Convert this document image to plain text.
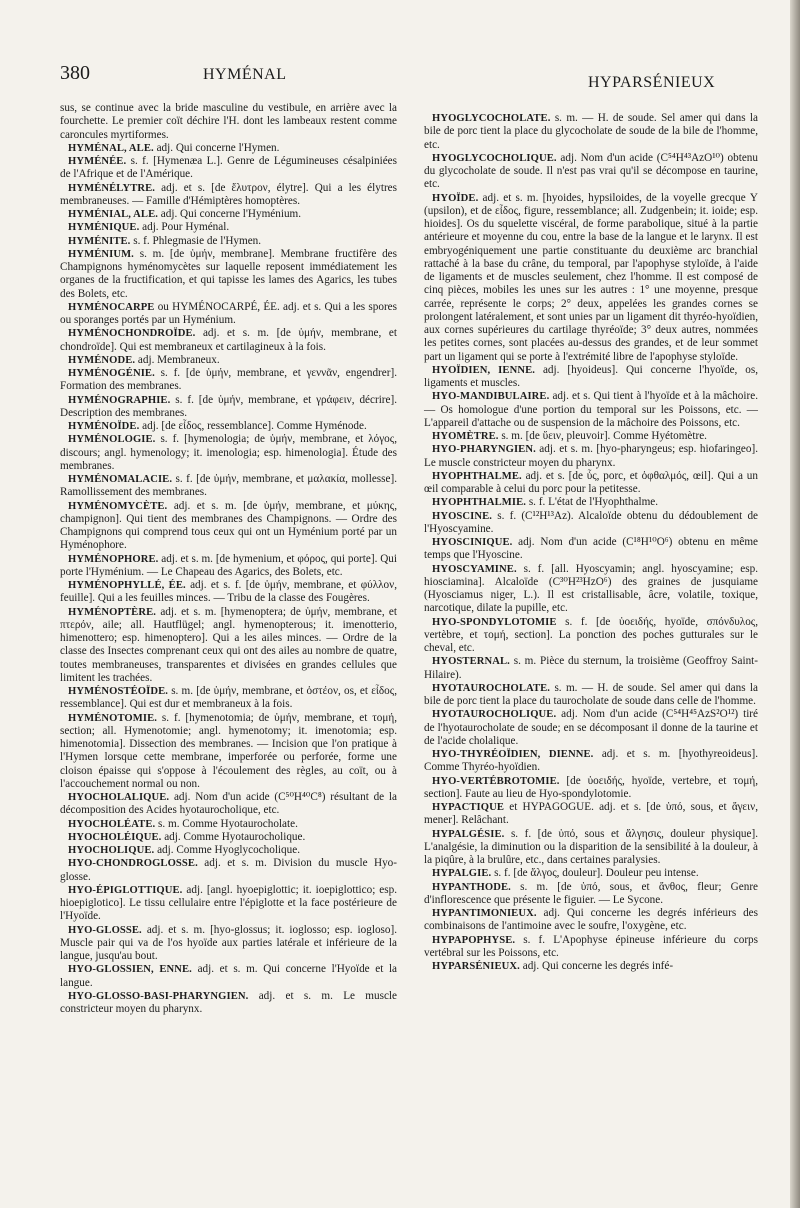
380	HYMÉNAL	HYPARSÉNIEUX

sus, se continue avec la bride masculine du vestibule, en arrière avec la fourchette. Le premier coït déchire l'H. dont les lambeaux restent comme caroncules myrtiformes.

HYMÉNAL, ALE. adj. Qui concerne l'Hymen.

HYMÉNÉE. s. f. [Hymenæa L.]. Genre de Légumineuses césalpiniées de l'Afrique et de l'Amérique.

HYMÉNÉLYTRE. adj. et s. [de ἔλυτρον, élytre]. Qui a les élytres membraneuses. — Famille d'Hémiptères homoptères.

HYMÉNIAL, ALE. adj. Qui concerne l'Hyménium.

HYMÉNIQUE. adj. Pour Hyménal.

HYMÉNITE. s. f. Phlegmasie de l'Hymen.

HYMÉNIUM. s. m. [de ὑμήν, membrane]. Membrane fructifère des Champignons hyménomycètes sur laquelle reposent immédiatement les organes de la fructification, et qui tapisse les lames des Agarics, les tubes des Bolets, etc.

HYMÉNOCARPE ou HYMÉNOCARPÉ, ÉE. adj. et s. Qui a les spores ou sporanges portés par un Hyménium.

HYMÉNOCHONDROÏDE. adj. et s. m. [de ὑμήν, membrane, et chondroïde]. Qui est membraneux et cartilagineux à la fois.

HYMÉNODE. adj. Membraneux.

HYMÉNOGÉNIE. s. f. [de ὑμήν, membrane, et γεννᾶν, engendrer]. Formation des membranes.

HYMÉNOGRAPHIE. s. f. [de ὑμήν, membrane, et γράφειν, décrire]. Description des membranes.

HYMÉNOÏDE. adj. [de εἶδος, ressemblance]. Comme Hyménode.

HYMÉNOLOGIE. s. f. [hymenologia; de ὑμήν, membrane, et λόγος, discours; angl. hymenology; it. imenologia; esp. himenologia]. Étude des membranes.

HYMÉNOMALACIE. s. f. [de ὑμήν, membrane, et μαλακία, mollesse]. Ramollissement des membranes.

HYMÉNOMYCÈTE. adj. et s. m. [de ὑμήν, membrane, et μύκης, champignon]. Qui tient des membranes des Champignons. — Ordre des Champignons qui comprend tous ceux qui ont un Hyménium porté par un Hyménophore.

HYMÉNOPHORE. adj. et s. m. [de hymenium, et φόρος, qui porte]. Qui porte l'Hyménium. — Le Chapeau des Agarics, des Bolets, etc.

HYMÉNOPHYLLÉ, ÉE. adj. et s. f. [de ὑμήν, membrane, et φύλλον, feuille]. Qui a les feuilles minces. — Tribu de la classe des Fougères.

HYMÉNOPTÈRE. adj. et s. m. [hymenoptera; de ὑμήν, membrane, et πτερόν, aile; all. Hautflügel; angl. hymenopterous; it. imenotterio, himenottero; esp. himenoptero]. Qui a les ailes minces. — Ordre de la classe des Insectes comprenant ceux qui ont des ailes au nombre de quatre, toutes membraneuses, transparentes et divisées en grandes cellules que limitent les trachées.

HYMÉNOSTÉOÏDE. s. m. [de ὑμήν, membrane, et ὀστέον, os, et εἶδος, ressemblance]. Qui est dur et membraneux à la fois.

HYMÉNOTOMIE. s. f. [hymenotomia; de ὑμήν, membrane, et τομή, section; all. Hymenotomie; angl. hymenotomy; it. imenotomia; esp. himenotomia]. Dissection des membranes. — Incision que l'on pratique à l'Hymen lorsque cette membrane, imperforée ou perforée, forme une cloison épaisse qui s'oppose à l'écoulement des règles, au coït, ou à l'accouchement normal ou non.

HYOCHOLALIQUE. adj. Nom d'un acide (C⁵⁰H⁴⁰C⁸) résultant de la décomposition des Acides hyotaurocholique, etc.

HYOCHOLÉATE. s. m. Comme Hyotaurocholate.

HYOCHOLÉIQUE. adj. Comme Hyotaurocholique.

HYOCHOLIQUE. adj. Comme Hyoglycocholique.

HYO-CHONDROGLOSSE. adj. et s. m. Division du muscle Hyo-glosse.

HYO-ÉPIGLOTTIQUE. adj. [angl. hyoepiglottic; it. ioepiglottico; esp. hioepiglotico]. Le tissu cellulaire entre l'épiglotte et la face postérieure de l'Hyoïde.

HYO-GLOSSE. adj. et s. m. [hyo-glossus; it. ioglosso; esp. iogloso]. Muscle pair qui va de l'os hyoïde aux parties latérale et inférieure de la langue, jusqu'au bout.

HYO-GLOSSIEN, ENNE. adj. et s. m. Qui concerne l'Hyoïde et la langue.

HYO-GLOSSO-BASI-PHARYNGIEN. adj. et s. m. Le muscle constricteur moyen du pharynx.

HYOGLYCOCHOLATE. s. m. — H. de soude. Sel amer qui dans la bile de porc tient la place du glycocholate de soude de la bile de l'homme, etc.

HYOGLYCOCHOLIQUE. adj. Nom d'un acide (C⁵⁴H⁴³AzO¹⁰) obtenu du glycocholate de soude. Il n'est pas vrai qu'il se décompose en taurine, etc.

HYOÏDE. adj. et s. m. [hyoides, hypsiloides, de la voyelle grecque Υ (upsilon), et de εἶδος, figure, ressemblance; all. Zudgenbein; it. ioide; esp. hioides]. Os du squelette viscéral, de forme parabolique, situé à la partie antérieure et moyenne du cou, entre la base de la langue et le larynx. Il est embryogéniquement une partie constituante du deuxième arc branchial rattaché à la base du crâne, du temporal, par l'apophyse styloïde, à l'aide de ligaments et de muscles seulement, chez l'homme. Il est composé de cinq pièces, mobiles les unes sur les autres : 1° une moyenne, presque carrée, représente le corps; 2° deux, appelées les grandes cornes se prolongent latéralement, et sont unies par un ligament dit thyréo-hyoïdien, aux cornes supérieures du cartilage thyréoïde; 3° deux autres, nommées les petites cornes, sont placées au-dessus des grandes, et de leur sommet part un ligament qui se porte à l'extrémité libre de l'apophyse styloïde.

HYOÏDIEN, IENNE. adj. [hyoideus]. Qui concerne l'hyoïde, os, ligaments et muscles.

HYO-MANDIBULAIRE. adj. et s. Qui tient à l'hyoïde et à la mâchoire. — Os homologue d'une portion du temporal sur les Poissons, etc. — L'appareil d'attache ou de suspension de la mâchoire des Poissons, etc.

HYOMÈTRE. s. m. [de ὕειν, pleuvoir]. Comme Hyétomètre.

HYO-PHARYNGIEN. adj. et s. m. [hyo-pharyngeus; esp. hiofaringeo]. Le muscle constricteur moyen du pharynx.

HYOPHTHALME. adj. et s. [de ὗς, porc, et ὀφθαλμός, œil]. Qui a un œil comparable à celui du porc pour la petitesse.

HYOPHTHALMIE. s. f. L'état de l'Hyophthalme.

HYOSCINE. s. f. (C¹²H¹³Az). Alcaloïde obtenu du dédoublement de l'Hyoscyamine.

HYOSCINIQUE. adj. Nom d'un acide (C¹⁸H¹⁰O⁶) obtenu en même temps que l'Hyoscine.

HYOSCYAMINE. s. f. [all. Hyoscyamin; angl. hyoscyamine; esp. hiosciamina]. Alcaloïde (C³⁰H²³HzO⁶) des graines de jusquiame (Hyosciamus niger, L.). Il est cristallisable, âcre, volatile, toxique, narcotique, dilate la pupille, etc.

HYO-SPONDYLOTOMIE s. f. [de ὑοειδής, hyoïde, σπόνδυλος, vertèbre, et τομή, section]. La ponction des poches gutturales sur le cheval, etc.

HYOSTERNAL. s. m. Pièce du sternum, la troisième (Geoffroy Saint-Hilaire).

HYOTAUROCHOLATE. s. m. — H. de soude. Sel amer qui dans la bile de porc tient la place du taurocholate de soude dans celle de l'homme.

HYOTAUROCHOLIQUE. adj. Nom d'un acide (C⁵⁴H⁴⁵AzS²O¹²) tiré de l'hyotaurocholate de soude; en se décomposant il donne de la taurine et de l'acide cholalique.

HYO-THYRÉOÏDIEN, DIENNE. adj. et s. m. [hyothyreoideus]. Comme Thyréo-hyoïdien.

HYO-VERTÉBROTOMIE. [de ὑοειδής, hyoïde, vertebre, et τομή, section]. Faute au lieu de Hyo-spondylotomie.

HYPACTIQUE et HYPAGOGUE. adj. et s. [de ὑπό, sous, et ἄγειν, mener]. Relâchant.

HYPALGÉSIE. s. f. [de ὑπό, sous et ἄλγησις, douleur physique]. L'analgésie, la diminution ou la disparition de la sensibilité à la douleur, à la piqûre, à la brulûre, etc., dans certaines paralysies.

HYPALGIE. s. f. [de ἄλγος, douleur]. Douleur peu intense.

HYPANTHODE. s. m. [de ὑπό, sous, et ἄνθος, fleur; Genre d'inflorescence que présente le figuier. — Le Sycone.

HYPANTIMONIEUX. adj. Qui concerne les degrés inférieurs des combinaisons de l'antimoine avec le soufre, l'oxygène, etc.

HYPAPOPHYSE. s. f. L'Apophyse épineuse inférieure du corps vertébral sur les Poissons, etc.

HYPARSÉNIEUX. adj. Qui concerne les degrés infé-
